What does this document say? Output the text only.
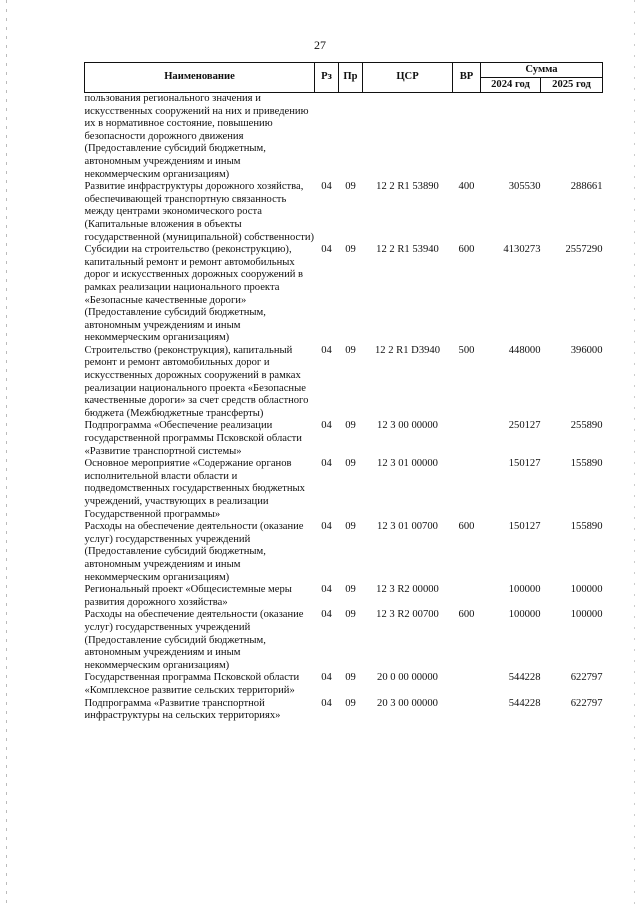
27
Наименование	Рз	Пр	ЦСР	ВР	Сумма	
					2024 год	2025 год
пользования регионального значения и искусственных сооружений на них и приведению их в нормативное состояние, повышению безопасности дорожного движения (Предоставление субсидий бюджетным, автономным учреждениям и иным некоммерческим организациям)						
Развитие инфраструктуры дорожного хозяйства, обеспечивающей транспортную связанность между центрами экономического роста (Капитальные вложения в объекты государственной (муниципальной) собственности)	04	09	12 2 R1 53890	400	305530	288661
Субсидии на строительство (реконструкцию), капитальный ремонт и ремонт автомобильных дорог и искусственных дорожных сооружений в рамках реализации национального проекта «Безопасные качественные дороги» (Предоставление субсидий бюджетным, автономным учреждениям и иным некоммерческим организациям)	04	09	12 2 R1 53940	600	4130273	2557290
Строительство (реконструкция), капитальный ремонт и ремонт автомобильных дорог и искусственных дорожных сооружений в рамках реализации национального проекта «Безопасные качественные дороги» за счет средств областного бюджета (Межбюджетные трансферты)	04	09	12 2 R1 D3940	500	448000	396000
Подпрограмма «Обеспечение реализации государственной программы Псковской области «Развитие транспортной системы»	04	09	12 3 00 00000		250127	255890
Основное мероприятие «Содержание органов исполнительной власти области и подведомственных государственных бюджетных учреждений, участвующих в реализации Государственной программы»	04	09	12 3 01 00000		150127	155890
Расходы на обеспечение деятельности (оказание услуг) государственных учреждений (Предоставление субсидий бюджетным, автономным учреждениям и иным некоммерческим организациям)	04	09	12 3 01 00700	600	150127	155890
Региональный проект «Общесистемные меры развития дорожного хозяйства»	04	09	12 3 R2 00000		100000	100000
Расходы на обеспечение деятельности (оказание услуг) государственных учреждений (Предоставление субсидий бюджетным, автономным учреждениям и иным некоммерческим организациям)	04	09	12 3 R2 00700	600	100000	100000
Государственная программа Псковской области «Комплексное развитие сельских территорий»	04	09	20 0 00 00000		544228	622797
Подпрограмма «Развитие транспортной инфраструктуры на сельских территориях»	04	09	20 3 00 00000		544228	622797
